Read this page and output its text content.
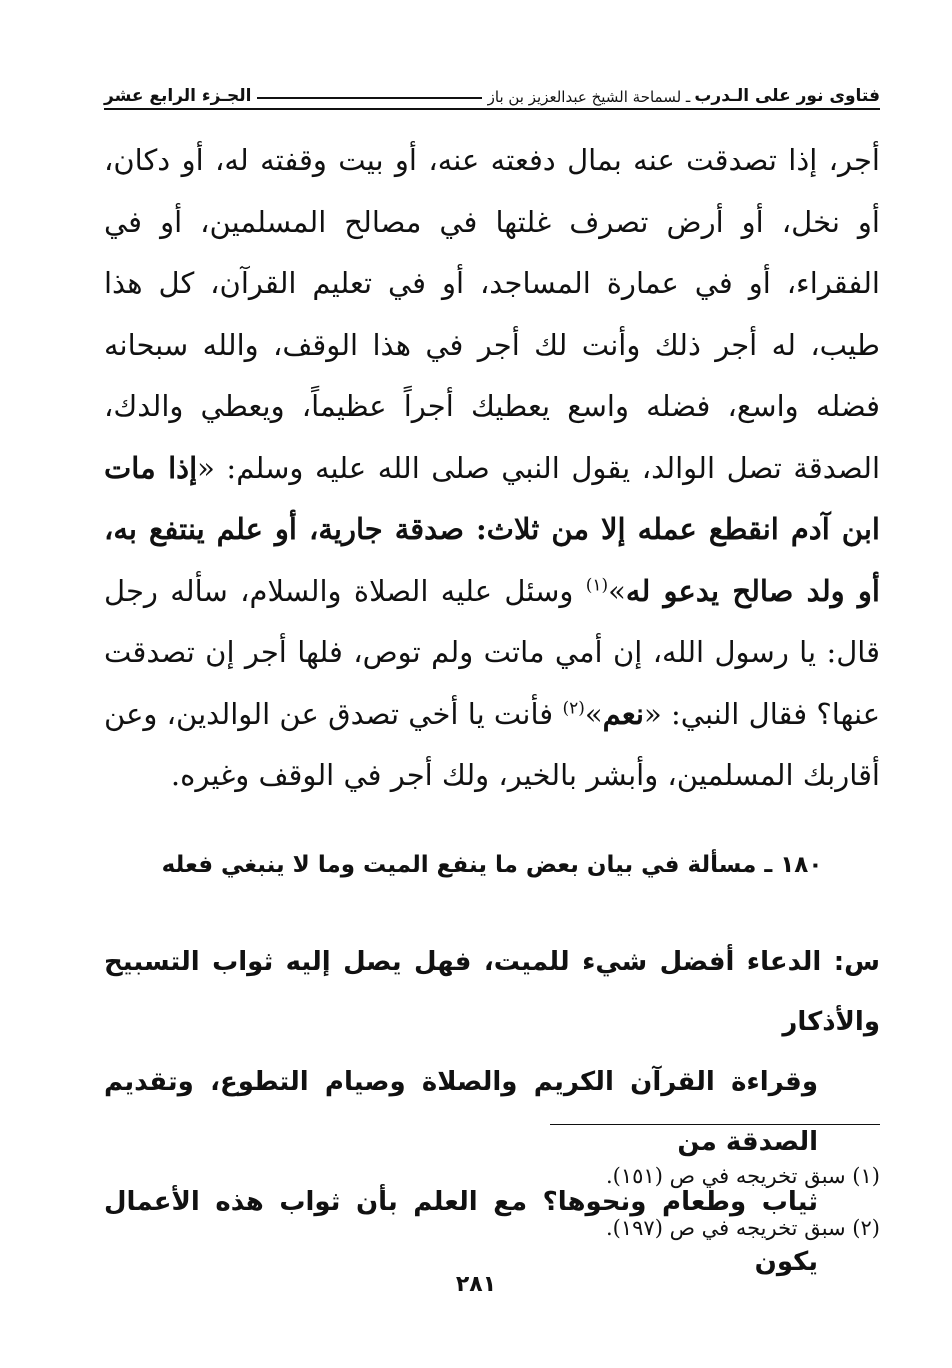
فتاوى نور على الـدرب
ـ لسماحة الشيخ عبدالعزيز بن باز
الجـزء الرابع عشر
أجر، إذا تصدقت عنه بمال دفعته عنه، أو بيت وقفته له، أو دكان، أو نخل، أو أرض تصرف غلتها في مصالح المسلمين، أو في الفقراء، أو في عمارة المساجد، أو في تعليم القرآن، كل هذا طيب، له أجر ذلك وأنت لك أجر في هذا الوقف، والله سبحانه فضله واسع، فضله واسع يعطيك أجراً عظيماً، ويعطي والدك، الصدقة تصل الوالد، يقول النبي صلى الله عليه وسلم: «إذا مات ابن آدم انقطع عمله إلا من ثلاث: صدقة جارية، أو علم ينتفع به، أو ولد صالح يدعو له»$^{(١)}$ وسئل عليه الصلاة والسلام، سأله رجل قال: يا رسول الله، إن أمي ماتت ولم توص، فلها أجر إن تصدقت عنها؟ فقال النبي: «نعم»$^{(٢)}$ فأنت يا أخي تصدق عن الوالدين، وعن أقاربك المسلمين، وأبشر بالخير، ولك أجر في الوقف وغيره.
١٨٠ ـ مسألة في بيان بعض ما ينفع الميت وما لا ينبغي فعله
س: الدعاء أفضل شيء للميت، فهل يصل إليه ثواب التسبيح والأذكار
وقراءة القرآن الكريم والصلاة وصيام التطوع، وتقديم الصدقة من
ثياب وطعام ونحوها؟ مع العلم بأن ثواب هذه الأعمال يكون
(١) سبق تخريجه في ص (١٥١).
(٢) سبق تخريجه في ص (١٩٧).
٢٨١
